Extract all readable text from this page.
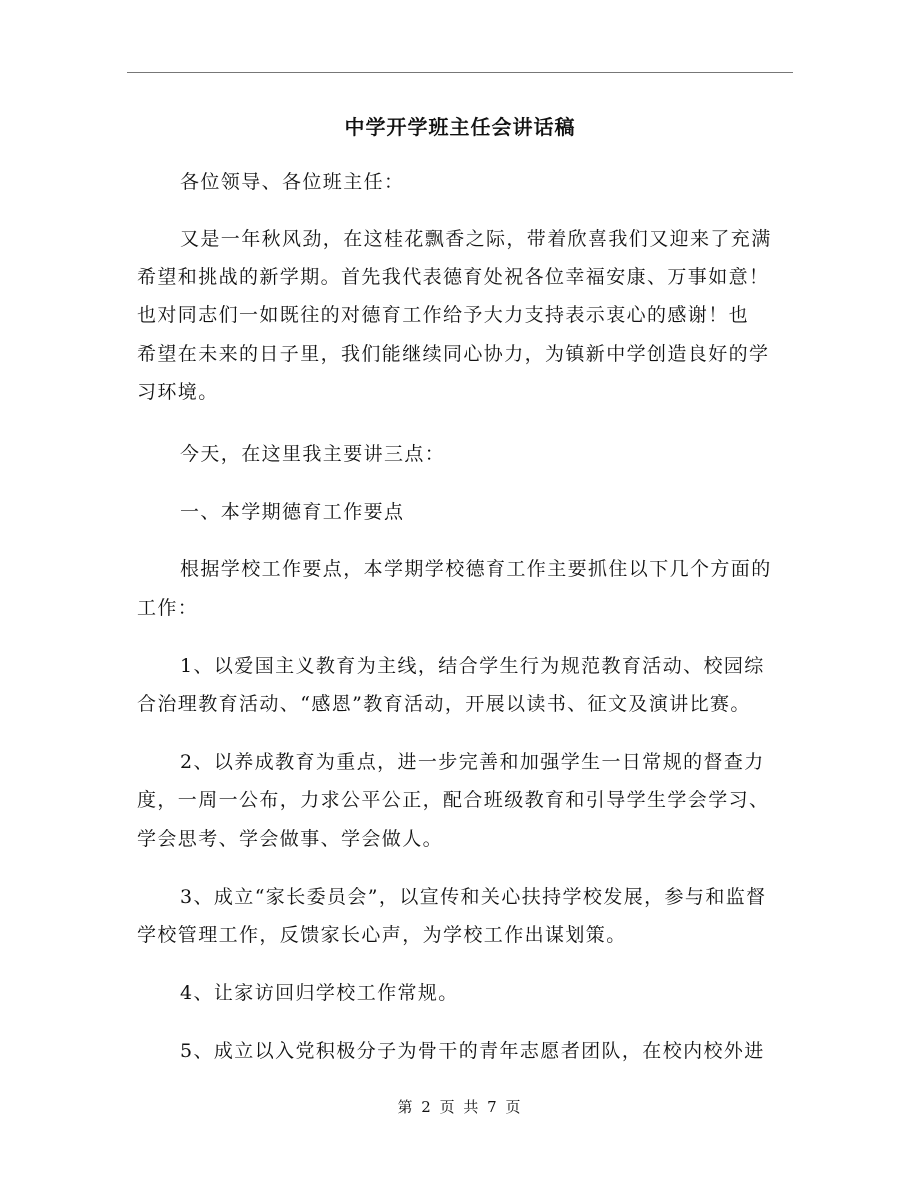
中学开学班主任会讲话稿
各位领导、各位班主任：
又是一年秋风劲，在这桂花飘香之际，带着欣喜我们又迎来了充满
希望和挑战的新学期。首先我代表德育处祝各位幸福安康、万事如意！
也对同志们一如既往的对德育工作给予大力支持表示衷心的感谢！也
希望在未来的日子里，我们能继续同心协力，为镇新中学创造良好的学
习环境。
今天，在这里我主要讲三点：
一、本学期德育工作要点
根据学校工作要点，本学期学校德育工作主要抓住以下几个方面的
工作：
1、以爱国主义教育为主线，结合学生行为规范教育活动、校园综
合治理教育活动、“感恩”教育活动，开展以读书、征文及演讲比赛。
2、以养成教育为重点，进一步完善和加强学生一日常规的督查力
度，一周一公布，力求公平公正，配合班级教育和引导学生学会学习、
学会思考、学会做事、学会做人。
3、成立“家长委员会”，以宣传和关心扶持学校发展，参与和监督
学校管理工作，反馈家长心声，为学校工作出谋划策。
4、让家访回归学校工作常规。
5、成立以入党积极分子为骨干的青年志愿者团队，在校内校外进
第 2 页 共 7 页
